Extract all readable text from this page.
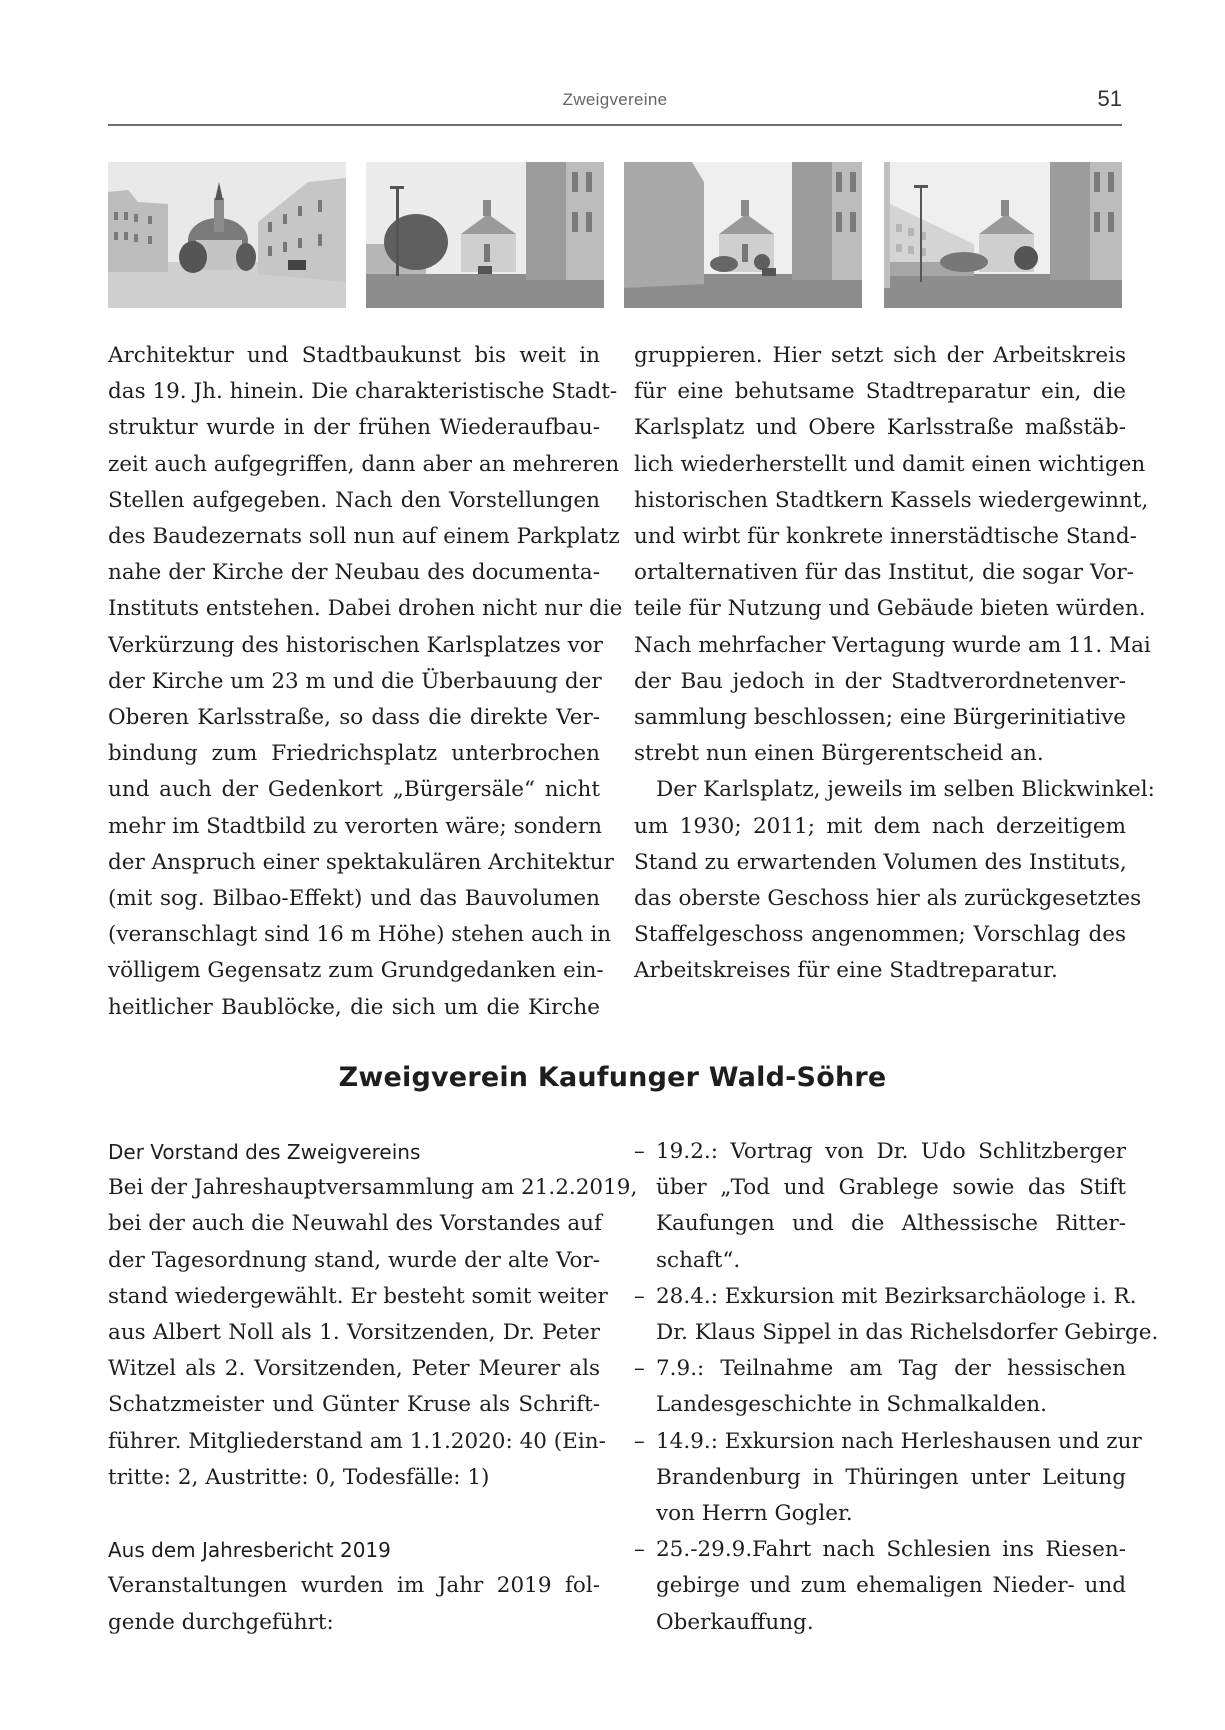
Zweigvereine	51
Architektur und Stadtbaukunst bis weit in
das 19. Jh. hinein. Die charakteristische Stadt-
struktur wurde in der frühen Wiederaufbau-
zeit auch aufgegriffen, dann aber an mehreren
Stellen aufgegeben. Nach den Vorstellungen
des Baudezernats soll nun auf einem Parkplatz
nahe der Kirche der Neubau des documenta-
Instituts entstehen. Dabei drohen nicht nur die
Verkürzung des historischen Karlsplatzes vor
der Kirche um 23 m und die Überbauung der
Oberen Karlsstraße, so dass die direkte Ver-
bindung zum Friedrichsplatz unterbrochen
und auch der Gedenkort „Bürgersäle“ nicht
mehr im Stadtbild zu verorten wäre; sondern
der Anspruch einer spektakulären Architektur
(mit sog. Bilbao-Effekt) und das Bauvolumen
(veranschlagt sind 16 m Höhe) stehen auch in
völligem Gegensatz zum Grundgedanken ein-
heitlicher Baublöcke, die sich um die Kirche
gruppieren. Hier setzt sich der Arbeitskreis
für eine behutsame Stadtreparatur ein, die
Karlsplatz und Obere Karlsstraße maßstäb-
lich wiederherstellt und damit einen wichtigen
historischen Stadtkern Kassels wiedergewinnt,
und wirbt für konkrete innerstädtische Stand-
ortalternativen für das Institut, die sogar Vor-
teile für Nutzung und Gebäude bieten würden.
Nach mehrfacher Vertagung wurde am 11. Mai
der Bau jedoch in der Stadtverordnetenver-
sammlung beschlossen; eine Bürgerinitiative
strebt nun einen Bürgerentscheid an.
Der Karlsplatz, jeweils im selben Blickwinkel:
um 1930; 2011; mit dem nach derzeitigem
Stand zu erwartenden Volumen des Instituts,
das oberste Geschoss hier als zurückgesetztes
Staffelgeschoss angenommen; Vorschlag des
Arbeitskreises für eine Stadtreparatur.
Zweigverein Kaufunger Wald-Söhre
Der Vorstand des Zweigvereins
Bei der Jahreshauptversammlung am 21.2.2019,
bei der auch die Neuwahl des Vorstandes auf
der Tagesordnung stand, wurde der alte Vor-
stand wiedergewählt. Er besteht somit weiter
aus Albert Noll als 1. Vorsitzenden, Dr. Peter
Witzel als 2. Vorsitzenden, Peter Meurer als
Schatzmeister und Günter Kruse als Schrift-
führer. Mitgliederstand am 1.1.2020: 40 (Ein-
tritte: 2, Austritte: 0, Todesfälle: 1)
Aus dem Jahresbericht 2019
Veranstaltungen wurden im Jahr 2019 fol-
gende durchgeführt:
– 19.2.: Vortrag von Dr. Udo Schlitzberger
über „Tod und Grablege sowie das Stift
Kaufungen und die Althessische Ritter-
schaft“.
– 28.4.: Exkursion mit Bezirksarchäologe i. R.
Dr. Klaus Sippel in das Richelsdorfer Gebirge.
– 7.9.: Teilnahme am Tag der hessischen
Landesgeschichte in Schmalkalden.
– 14.9.: Exkursion nach Herleshausen und zur
Brandenburg in Thüringen unter Leitung
von Herrn Gogler.
– 25.-29.9.Fahrt nach Schlesien ins Riesen-
gebirge und zum ehemaligen Nieder- und
Oberkauffung.
